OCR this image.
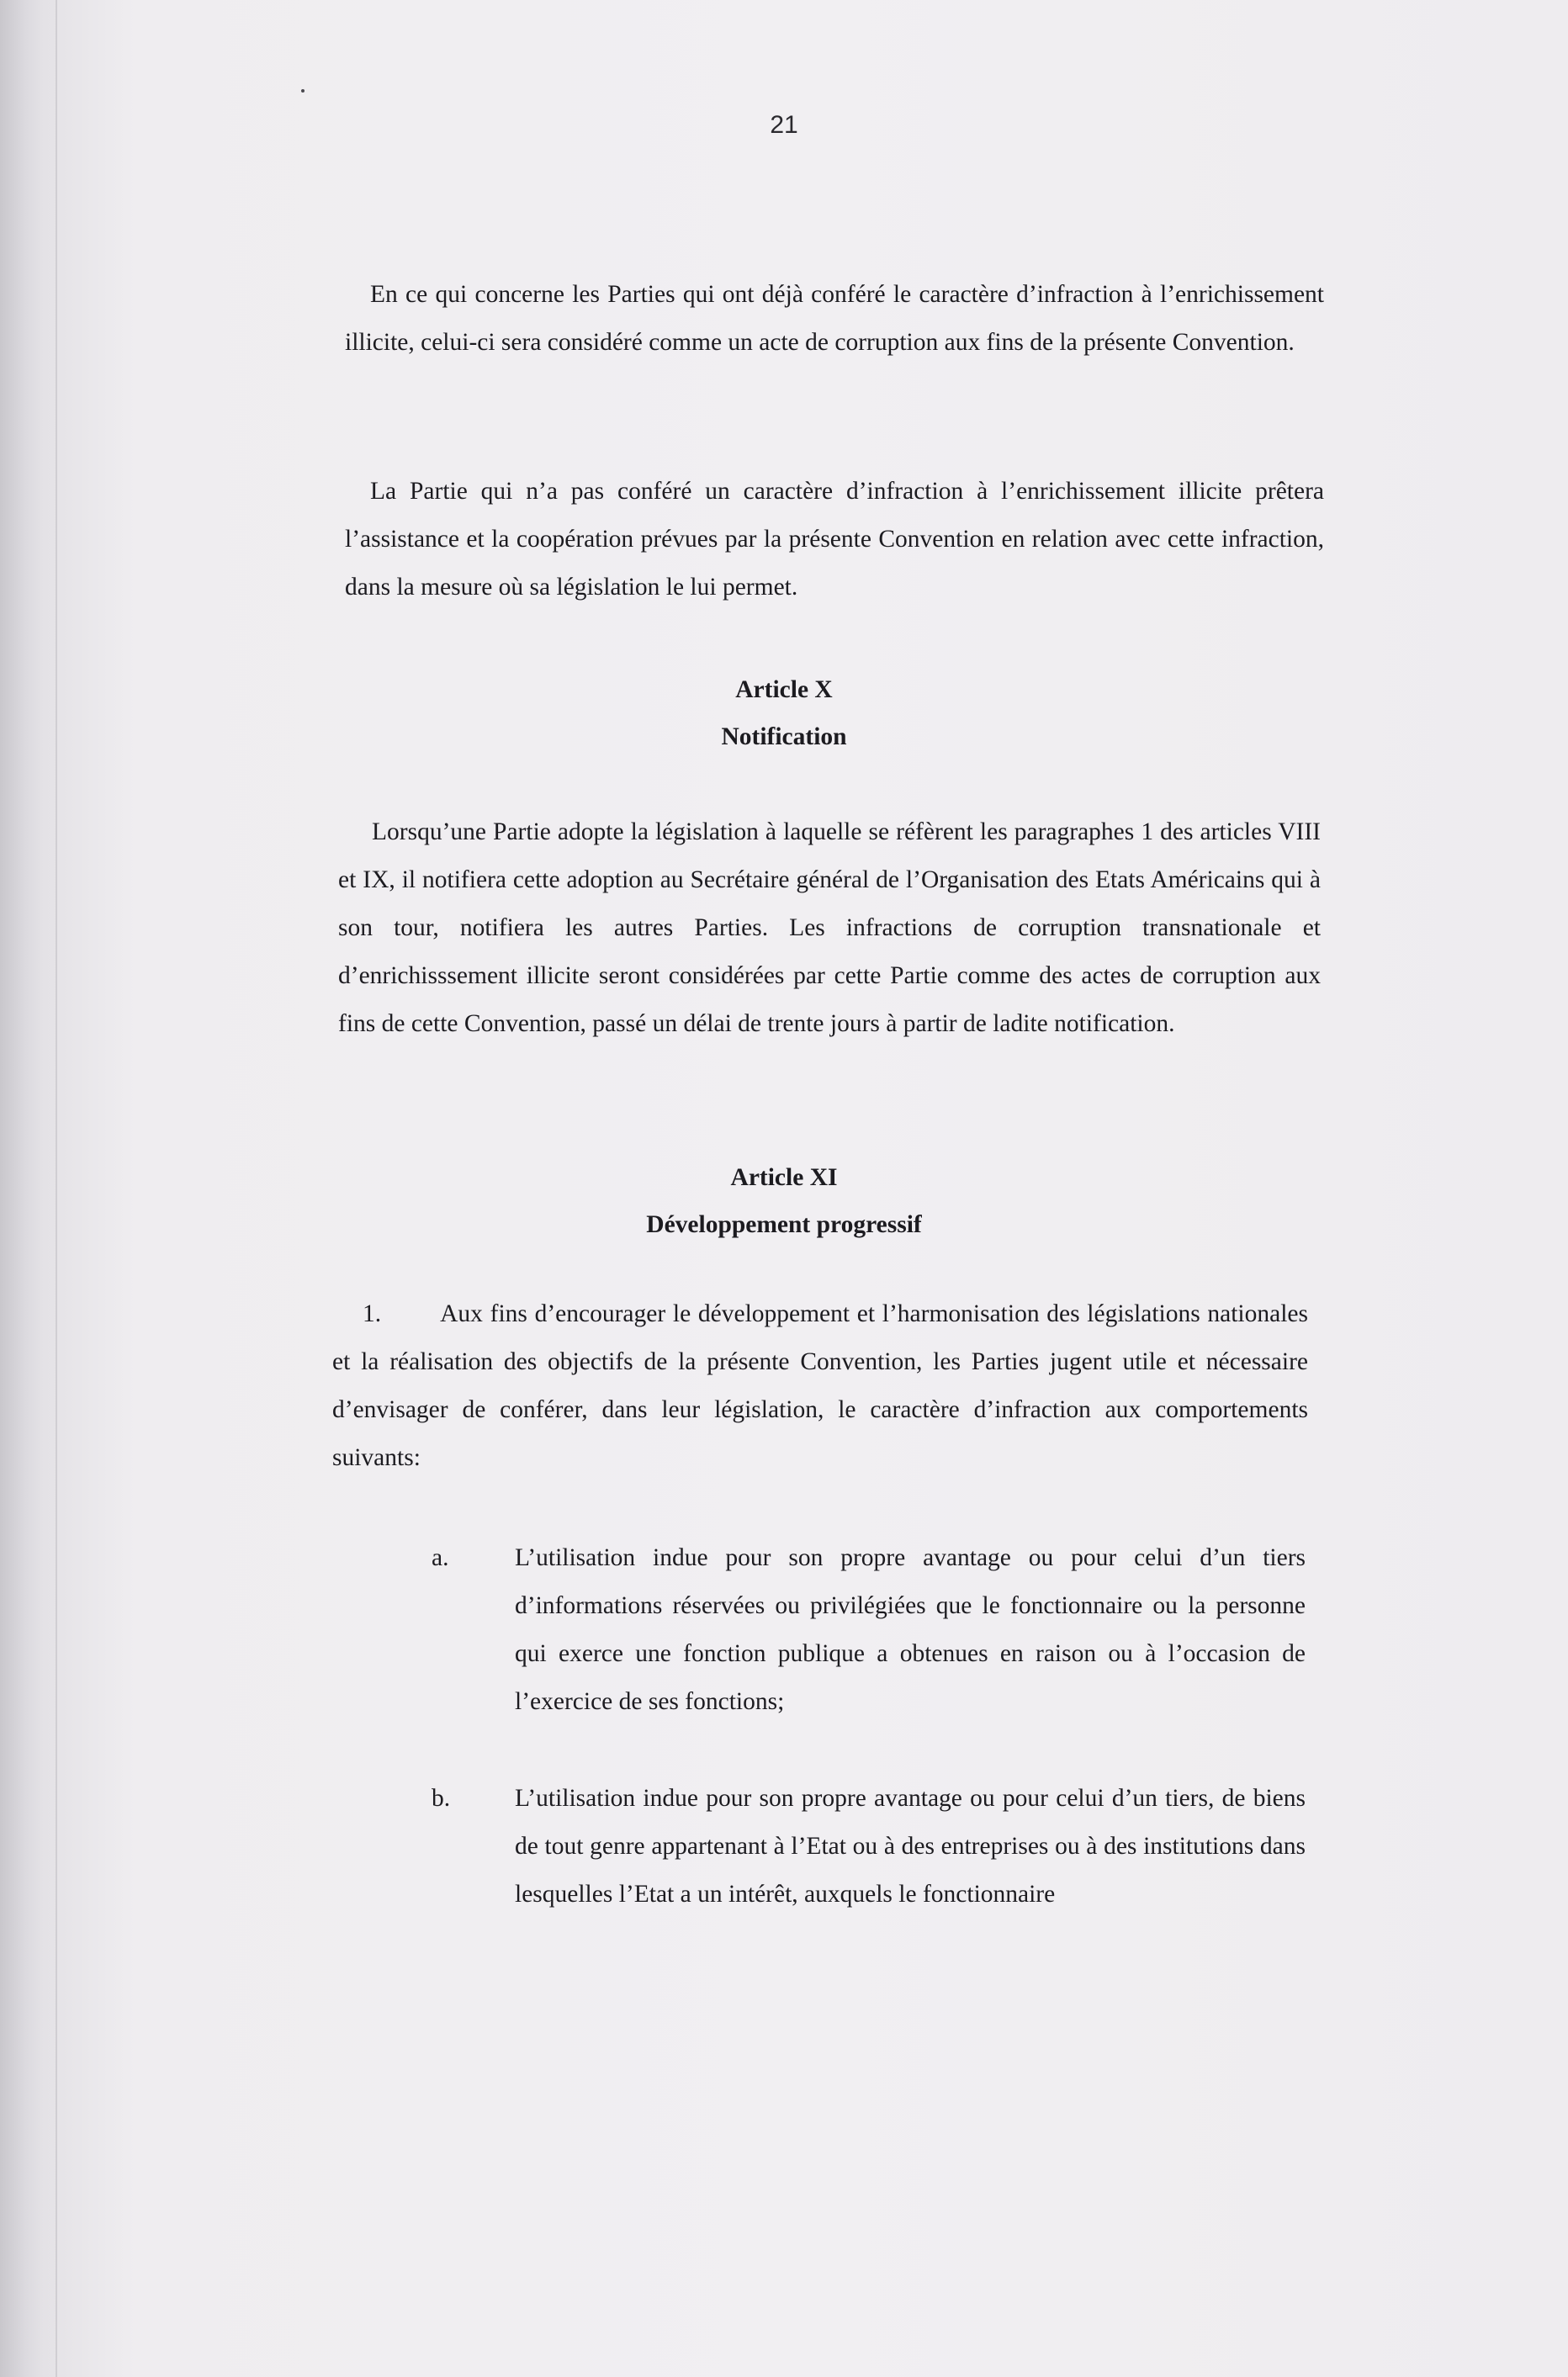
21

En ce qui concerne les Parties qui ont déjà conféré le caractère d’infraction à l’enrichissement illicite, celui-ci sera considéré comme un acte de corruption aux fins de la présente Convention.

La Partie qui n’a pas conféré un caractère d’infraction à l’enrichissement illicite prêtera l’assistance et la coopération prévues par la présente Convention en relation avec cette infraction, dans la mesure où sa législation le lui permet.

Article X
Notification

Lorsqu’une Partie adopte la législation à laquelle se réfèrent les paragraphes 1 des articles VIII et IX, il notifiera cette adoption au Secrétaire général de l’Organisation des Etats Américains qui à son tour, notifiera les autres Parties. Les infractions de corruption transnationale et d’enrichisssement illicite seront considérées par cette Partie comme des actes de corruption aux fins de cette Convention, passé un délai de trente jours à partir de ladite notification.

Article XI
Développement progressif

1. Aux fins d’encourager le développement et l’harmonisation des législations nationales et la réalisation des objectifs de la présente Convention, les Parties jugent utile et nécessaire d’envisager de conférer, dans leur législation, le caractère d’infraction aux comportements suivants:

a.	L’utilisation indue pour son propre avantage ou pour celui d’un tiers d’informations réservées ou privilégiées que le fonctionnaire ou la personne qui exerce une fonction publique a obtenues en raison ou à l’occasion de l’exercice de ses fonctions;

b.	L’utilisation indue pour son propre avantage ou pour celui d’un tiers, de biens de tout genre appartenant à l’Etat ou à des entreprises ou à des institutions dans lesquelles l’Etat a un intérêt, auxquels le fonctionnaire
